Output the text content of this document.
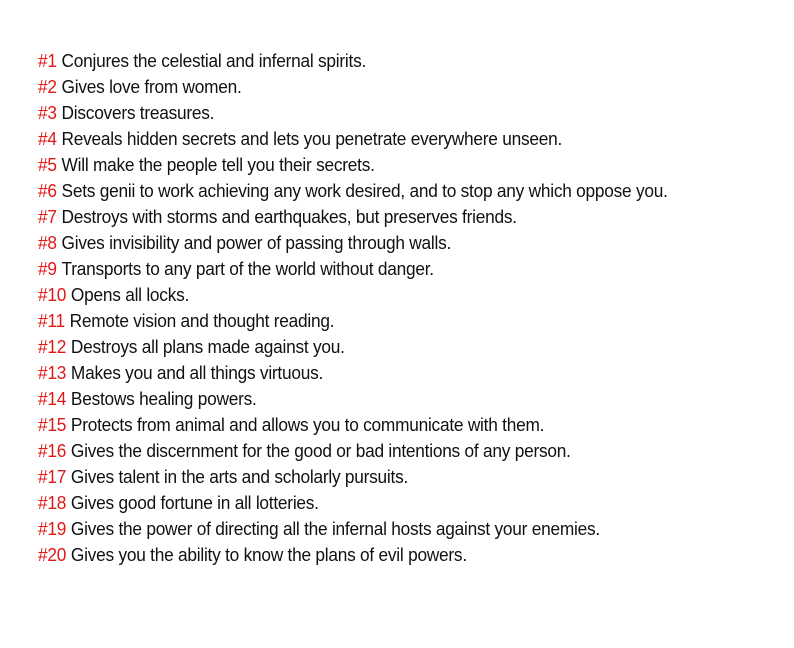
#1 Conjures the celestial and infernal spirits.
#2 Gives love from women.
#3 Discovers treasures.
#4 Reveals hidden secrets and lets you penetrate everywhere unseen.
#5 Will make the people tell you their secrets.
#6 Sets genii to work achieving any work desired, and to stop any which oppose you.
#7 Destroys with storms and earthquakes, but preserves friends.
#8 Gives invisibility and power of passing through walls.
#9 Transports to any part of the world without danger.
#10 Opens all locks.
#11 Remote vision and thought reading.
#12 Destroys all plans made against you.
#13 Makes you and all things virtuous.
#14 Bestows healing powers.
#15 Protects from animal and allows you to communicate with them.
#16 Gives the discernment for the good or bad intentions of any person.
#17 Gives talent in the arts and scholarly pursuits.
#18 Gives good fortune in all lotteries.
#19 Gives the power of directing all the infernal hosts against your enemies.
#20 Gives you the ability to know the plans of evil powers.
